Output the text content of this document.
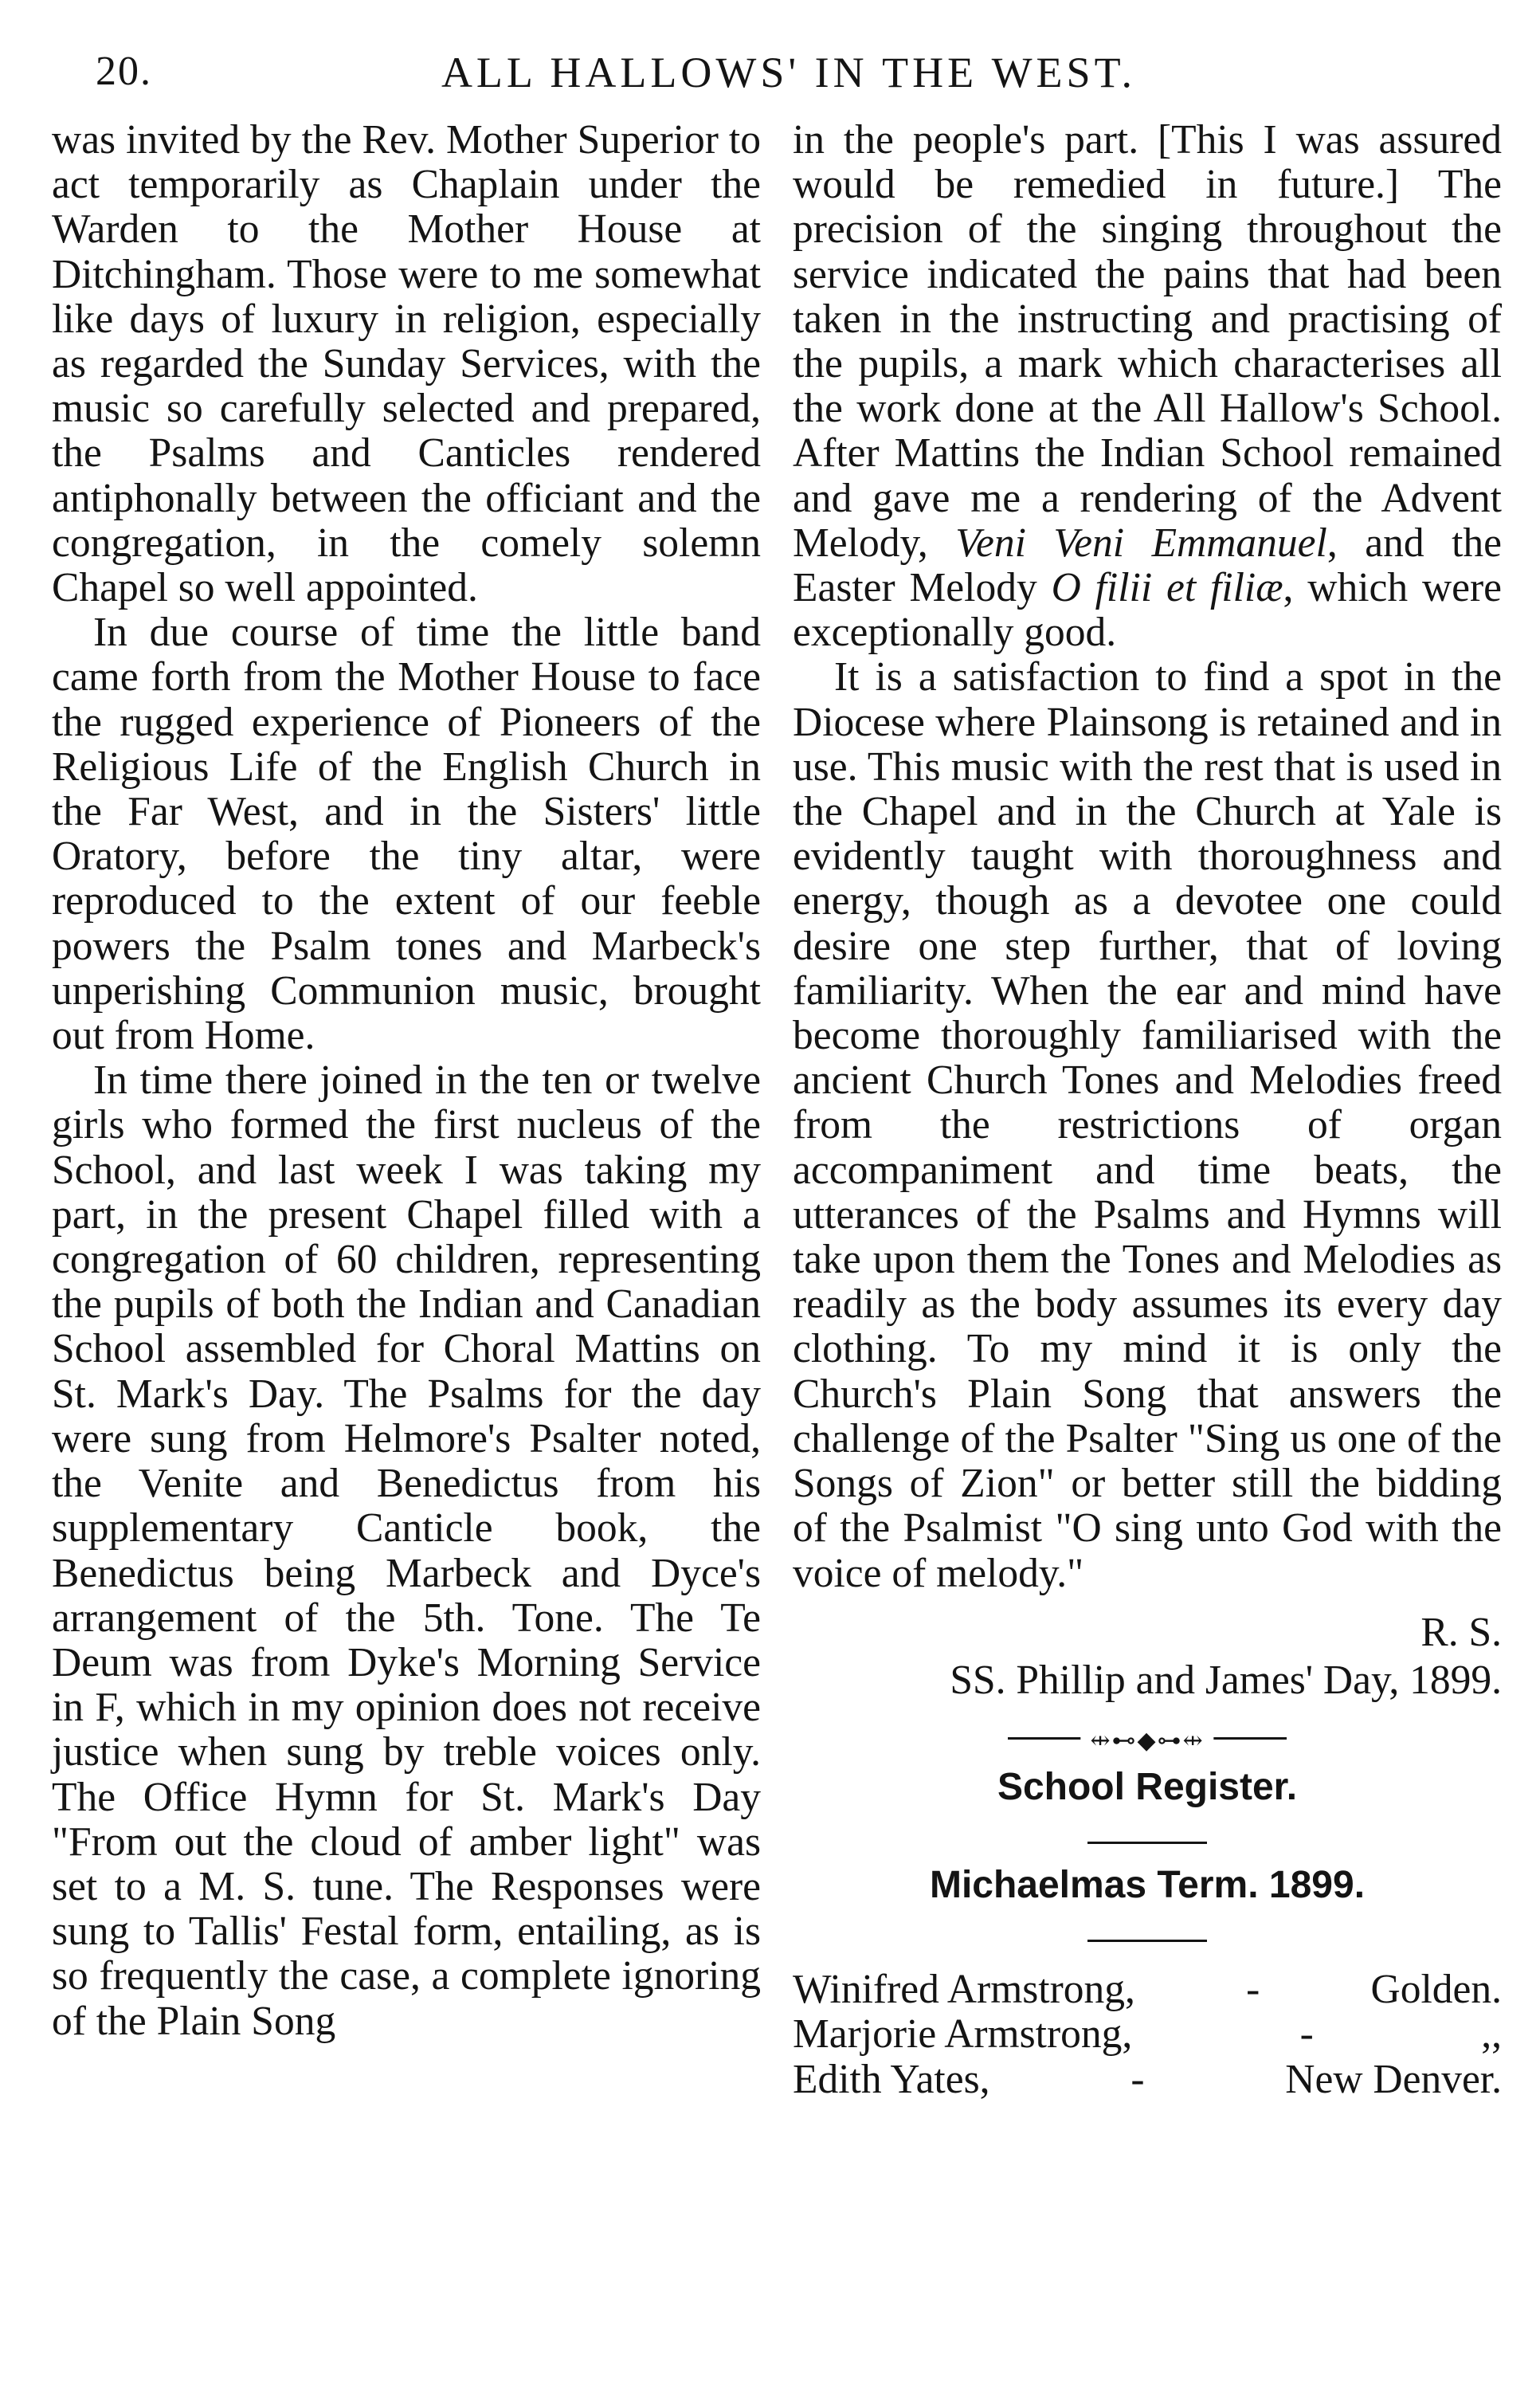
20.	ALL HALLOWS' IN THE WEST.

was invited by the Rev. Mother Superior to act temporarily as Chaplain under the Warden to the Mother House at Ditchingham. Those were to me somewhat like days of luxury in religion, especially as regarded the Sunday Services, with the music so carefully selected and prepared, the Psalms and Canticles rendered antiphonally between the officiant and the congregation, in the comely solemn Chapel so well appointed.

In due course of time the little band came forth from the Mother House to face the rugged experience of Pioneers of the Religious Life of the English Church in the Far West, and in the Sisters' little Oratory, before the tiny altar, were reproduced to the extent of our feeble powers the Psalm tones and Marbeck's unperishing Communion music, brought out from Home.

In time there joined in the ten or twelve girls who formed the first nucleus of the School, and last week I was taking my part, in the present Chapel filled with a congregation of 60 children, representing the pupils of both the Indian and Canadian School assembled for Choral Mattins on St. Mark's Day. The Psalms for the day were sung from Helmore's Psalter noted, the Venite and Benedictus from his supplementary Canticle book, the Benedictus being Marbeck and Dyce's arrangement of the 5th. Tone. The Te Deum was from Dyke's Morning Service in F, which in my opinion does not receive justice when sung by treble voices only. The Office Hymn for St. Mark's Day "From out the cloud of amber light" was set to a M. S. tune. The Responses were sung to Tallis' Festal form, entailing, as is so frequently the case, a complete ignoring of the Plain Song

in the people's part. [This I was assured would be remedied in future.] The precision of the singing throughout the service indicated the pains that had been taken in the instructing and practising of the pupils, a mark which characterises all the work done at the All Hallow's School. After Mattins the Indian School remained and gave me a rendering of the Advent Melody, Veni Veni Emmanuel, and the Easter Melody O filii et filiæ, which were exceptionally good.

It is a satisfaction to find a spot in the Diocese where Plainsong is retained and in use. This music with the rest that is used in the Chapel and in the Church at Yale is evidently taught with thoroughness and energy, though as a devotee one could desire one step further, that of loving familiarity. When the ear and mind have become thoroughly familiarised with the ancient Church Tones and Melodies freed from the restrictions of organ accompaniment and time beats, the utterances of the Psalms and Hymns will take upon them the Tones and Melodies as readily as the body assumes its every day clothing. To my mind it is only the Church's Plain Song that answers the challenge of the Psalter "Sing us one of the Songs of Zion" or better still the bidding of the Psalmist "O sing unto God with the voice of melody."

R. S.

SS. Phillip and James' Day, 1899.

⇹⊷◆⊶⇹
School Register.
Michaelmas Term. 1899.
Winifred Armstrong,	-	Golden.
Marjorie Armstrong,	-	,,
Edith Yates,	-	New Denver.
